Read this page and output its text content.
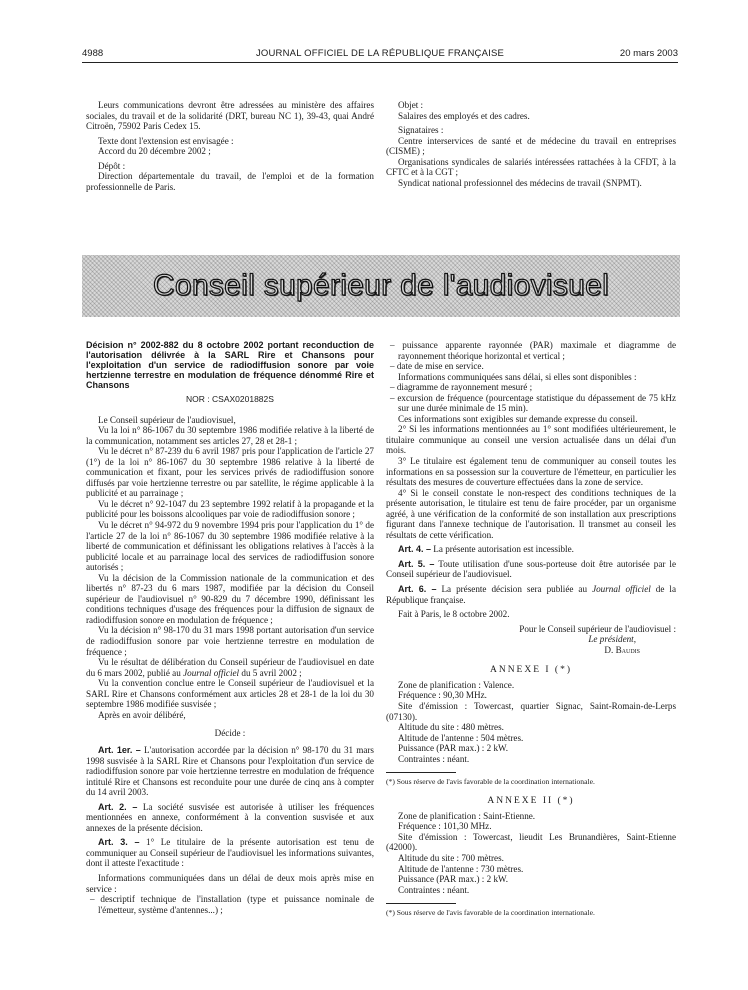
4988	JOURNAL OFFICIEL DE LA RÉPUBLIQUE FRANÇAISE	20 mars 2003

Leurs communications devront être adressées au ministère des affaires sociales, du travail et de la solidarité (DRT, bureau NC 1), 39-43, quai André Citroën, 75902 Paris Cedex 15.

Texte dont l'extension est envisagée :

Accord du 20 décembre 2002 ;

Dépôt :

Direction départementale du travail, de l'emploi et de la formation professionnelle de Paris.

Objet :

Salaires des employés et des cadres.

Signataires :

Centre interservices de santé et de médecine du travail en entreprises (CISME) ;

Organisations syndicales de salariés intéressées rattachées à la CFDT, à la CFTC et à la CGT ;

Syndicat national professionnel des médecins de travail (SNPMT).

Conseil supérieur de l'audiovisuel

Décision n° 2002-882 du 8 octobre 2002 portant reconduction de l'autorisation délivrée à la SARL Rire et Chansons pour l'exploitation d'un service de radiodiffusion sonore par voie hertzienne terrestre en modulation de fréquence dénommé Rire et Chansons

NOR : CSAX0201882S

Le Conseil supérieur de l'audiovisuel,

Vu la loi n° 86-1067 du 30 septembre 1986 modifiée relative à la liberté de la communication, notamment ses articles 27, 28 et 28-1 ;

Vu le décret n° 87-239 du 6 avril 1987 pris pour l'application de l'article 27 (1°) de la loi n° 86-1067 du 30 septembre 1986 relative à la liberté de communication et fixant, pour les services privés de radiodiffusion sonore diffusés par voie hertzienne terrestre ou par satellite, le régime applicable à la publicité et au parrainage ;

Vu le décret n° 92-1047 du 23 septembre 1992 relatif à la propagande et la publicité pour les boissons alcooliques par voie de radiodiffusion sonore ;

Vu le décret n° 94-972 du 9 novembre 1994 pris pour l'application du 1° de l'article 27 de la loi n° 86-1067 du 30 septembre 1986 modifiée relative à la liberté de communication et définissant les obligations relatives à l'accès à la publicité locale et au parrainage local des services de radiodiffusion sonore autorisés ;

Vu la décision de la Commission nationale de la communication et des libertés n° 87-23 du 6 mars 1987, modifiée par la décision du Conseil supérieur de l'audiovisuel n° 90-829 du 7 décembre 1990, définissant les conditions techniques d'usage des fréquences pour la diffusion de signaux de radiodiffusion sonore en modulation de fréquence ;

Vu la décision n° 98-170 du 31 mars 1998 portant autorisation d'un service de radiodiffusion sonore par voie hertzienne terrestre en modulation de fréquence ;

Vu le résultat de délibération du Conseil supérieur de l'audiovisuel en date du 6 mars 2002, publié au Journal officiel du 5 avril 2002 ;

Vu la convention conclue entre le Conseil supérieur de l'audiovisuel et la SARL Rire et Chansons conformément aux articles 28 et 28-1 de la loi du 30 septembre 1986 modifiée susvisée ;

Après en avoir délibéré,

Décide :

Art. 1er. – L'autorisation accordée par la décision n° 98-170 du 31 mars 1998 susvisée à la SARL Rire et Chansons pour l'exploitation d'un service de radiodiffusion sonore par voie hertzienne terrestre en modulation de fréquence intitulé Rire et Chansons est reconduite pour une durée de cinq ans à compter du 14 avril 2003.

Art. 2. – La société susvisée est autorisée à utiliser les fréquences mentionnées en annexe, conformément à la convention susvisée et aux annexes de la présente décision.

Art. 3. – 1° Le titulaire de la présente autorisation est tenu de communiquer au Conseil supérieur de l'audiovisuel les informations suivantes, dont il atteste l'exactitude :

Informations communiquées dans un délai de deux mois après mise en service :

– descriptif technique de l'installation (type et puissance nominale de l'émetteur, système d'antennes...) ;

– puissance apparente rayonnée (PAR) maximale et diagramme de rayonnement théorique horizontal et vertical ;

– date de mise en service.

Informations communiquées sans délai, si elles sont disponibles :

– diagramme de rayonnement mesuré ;

– excursion de fréquence (pourcentage statistique du dépassement de 75 kHz sur une durée minimale de 15 min).

Ces informations sont exigibles sur demande expresse du conseil.

2° Si les informations mentionnées au 1° sont modifiées ultérieurement, le titulaire communique au conseil une version actualisée dans un délai d'un mois.

3° Le titulaire est également tenu de communiquer au conseil toutes les informations en sa possession sur la couverture de l'émetteur, en particulier les résultats des mesures de couverture effectuées dans la zone de service.

4° Si le conseil constate le non-respect des conditions techniques de la présente autorisation, le titulaire est tenu de faire procéder, par un organisme agréé, à une vérification de la conformité de son installation aux prescriptions figurant dans l'annexe technique de l'autorisation. Il transmet au conseil les résultats de cette vérification.

Art. 4. – La présente autorisation est incessible.

Art. 5. – Toute utilisation d'une sous-porteuse doit être autorisée par le Conseil supérieur de l'audiovisuel.

Art. 6. – La présente décision sera publiée au Journal officiel de la République française.

Fait à Paris, le 8 octobre 2002.

Pour le Conseil supérieur de l'audiovisuel :

Le président,

D. Baudis

ANNEXE I (*)

Zone de planification : Valence.

Fréquence : 90,30 MHz.

Site d'émission : Towercast, quartier Signac, Saint-Romain-de-Lerps (07130).

Altitude du site : 480 mètres.

Altitude de l'antenne : 504 mètres.

Puissance (PAR max.) : 2 kW.

Contraintes : néant.

(*) Sous réserve de l'avis favorable de la coordination internationale.

ANNEXE II (*)

Zone de planification : Saint-Etienne.

Fréquence : 101,30 MHz.

Site d'émission : Towercast, lieudit Les Brunandières, Saint-Etienne (42000).

Altitude du site : 700 mètres.

Altitude de l'antenne : 730 mètres.

Puissance (PAR max.) : 2 kW.

Contraintes : néant.

(*) Sous réserve de l'avis favorable de la coordination internationale.
